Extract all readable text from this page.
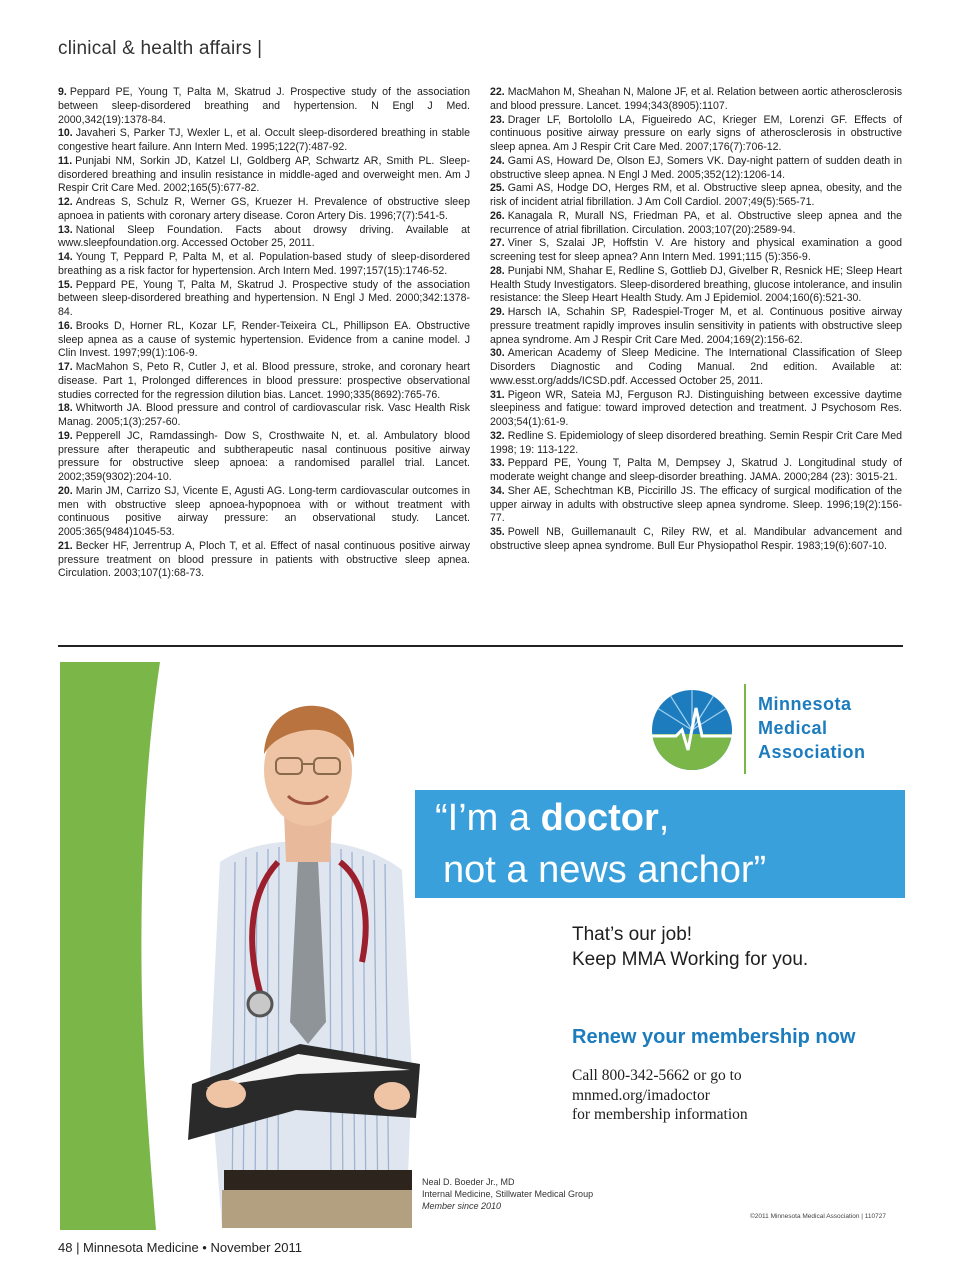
clinical & health affairs |

9. Peppard PE, Young T, Palta M, Skatrud J. Prospective study of the association between sleep-disordered breathing and hypertension. N Engl J Med. 2000,342(19):1378-84.

10. Javaheri S, Parker TJ, Wexler L, et al. Occult sleep-disordered breathing in stable congestive heart failure. Ann Intern Med. 1995;122(7):487-92.

11. Punjabi NM, Sorkin JD, Katzel LI, Goldberg AP, Schwartz AR, Smith PL. Sleep-disordered breathing and insulin resistance in middle-aged and overweight men. Am J Respir Crit Care Med. 2002;165(5):677-82.

12. Andreas S, Schulz R, Werner GS, Kruezer H. Prevalence of obstructive sleep apnoea in patients with coronary artery disease. Coron Artery Dis. 1996;7(7):541-5.

13. National Sleep Foundation. Facts about drowsy driving. Available at www.sleepfoundation.org. Accessed October 25, 2011.

14. Young T, Peppard P, Palta M, et al. Population-based study of sleep-disordered breathing as a risk factor for hypertension. Arch Intern Med. 1997;157(15):1746-52.

15. Peppard PE, Young T, Palta M, Skatrud J. Prospective study of the association between sleep-disordered breathing and hypertension. N Engl J Med. 2000;342:1378-84.

16. Brooks D, Horner RL, Kozar LF, Render-Teixeira CL, Phillipson EA. Obstructive sleep apnea as a cause of systemic hypertension. Evidence from a canine model. J Clin Invest. 1997;99(1):106-9.

17. MacMahon S, Peto R, Cutler J, et al. Blood pressure, stroke, and coronary heart disease. Part 1, Prolonged differences in blood pressure: prospective observational studies corrected for the regression dilution bias. Lancet. 1990;335(8692):765-76.

18. Whitworth JA. Blood pressure and control of cardiovascular risk. Vasc Health Risk Manag. 2005;1(3):257-60.

19. Pepperell JC, Ramdassingh- Dow S, Crosthwaite N, et. al. Ambulatory blood pressure after therapeutic and subtherapeutic nasal continuous positive airway pressure for obstructive sleep apnoea: a randomised parallel trial. Lancet. 2002;359(9302):204-10.

20. Marin JM, Carrizo SJ, Vicente E, Agusti AG. Long-term cardiovascular outcomes in men with obstructive sleep apnoea-hypopnoea with or without treatment with continuous positive airway pressure: an observational study. Lancet. 2005:365(9484)1045-53.

21. Becker HF, Jerrentrup A, Ploch T, et al. Effect of nasal continuous positive airway pressure treatment on blood pressure in patients with obstructive sleep apnea. Circulation. 2003;107(1):68-73.

22. MacMahon M, Sheahan N, Malone JF, et al. Relation between aortic atherosclerosis and blood pressure. Lancet. 1994;343(8905):1107.

23. Drager LF, Bortolollo LA, Figueiredo AC, Krieger EM, Lorenzi GF. Effects of continuous positive airway pressure on early signs of atherosclerosis in obstructive sleep apnea. Am J Respir Crit Care Med. 2007;176(7):706-12.

24. Gami AS, Howard De, Olson EJ, Somers VK. Day-night pattern of sudden death in obstructive sleep apnea. N Engl J Med. 2005;352(12):1206-14.

25. Gami AS, Hodge DO, Herges RM, et al. Obstructive sleep apnea, obesity, and the risk of incident atrial fibrillation. J Am Coll Cardiol. 2007;49(5):565-71.

26. Kanagala R, Murall NS, Friedman PA, et al. Obstructive sleep apnea and the recurrence of atrial fibrillation. Circulation. 2003;107(20):2589-94.

27. Viner S, Szalai JP, Hoffstin V. Are history and physical examination a good screening test for sleep apnea? Ann Intern Med. 1991;115 (5):356-9.

28. Punjabi NM, Shahar E, Redline S, Gottlieb DJ, Givelber R, Resnick HE; Sleep Heart Health Study Investigators. Sleep-disordered breathing, glucose intolerance, and insulin resistance: the Sleep Heart Health Study. Am J Epidemiol. 2004;160(6):521-30.

29. Harsch IA, Schahin SP, Radespiel-Troger M, et al. Continuous positive airway pressure treatment rapidly improves insulin sensitivity in patients with obstructive sleep apnea syndrome. Am J Respir Crit Care Med. 2004;169(2):156-62.

30. American Academy of Sleep Medicine. The International Classification of Sleep Disorders Diagnostic and Coding Manual. 2nd edition. Available at: www.esst.org/adds/ICSD.pdf. Accessed October 25, 2011.

31. Pigeon WR, Sateia MJ, Ferguson RJ. Distinguishing between excessive daytime sleepiness and fatigue: toward improved detection and treatment. J Psychosom Res. 2003;54(1):61-9.

32. Redline S. Epidemiology of sleep disordered breathing. Semin Respir Crit Care Med 1998; 19: 113-122.

33. Peppard PE, Young T, Palta M, Dempsey J, Skatrud J. Longitudinal study of moderate weight change and sleep-disorder breathing. JAMA. 2000;284 (23): 3015-21.

34. Sher AE, Schechtman KB, Piccirillo JS. The efficacy of surgical modification of the upper airway in adults with obstructive sleep apnea syndrome. Sleep. 1996;19(2):156-77.

35. Powell NB, Guillemanault C, Riley RW, et al. Mandibular advancement and obstructive sleep apnea syndrome. Bull Eur Physiopathol Respir. 1983;19(6):607-10.

Minnesota
Medical
Association
“I’m a doctor,
not a news anchor”
That’s our job!
Keep MMA Working for you.
Renew your membership now
Call 800-342-5662 or go to
mnmed.org/imadoctor
for membership information
Neal D. Boeder Jr., MD
Internal Medicine, Stillwater Medical Group
Member since 2010
©2011 Minnesota Medical Association | 110727
48 | Minnesota Medicine • November 2011
